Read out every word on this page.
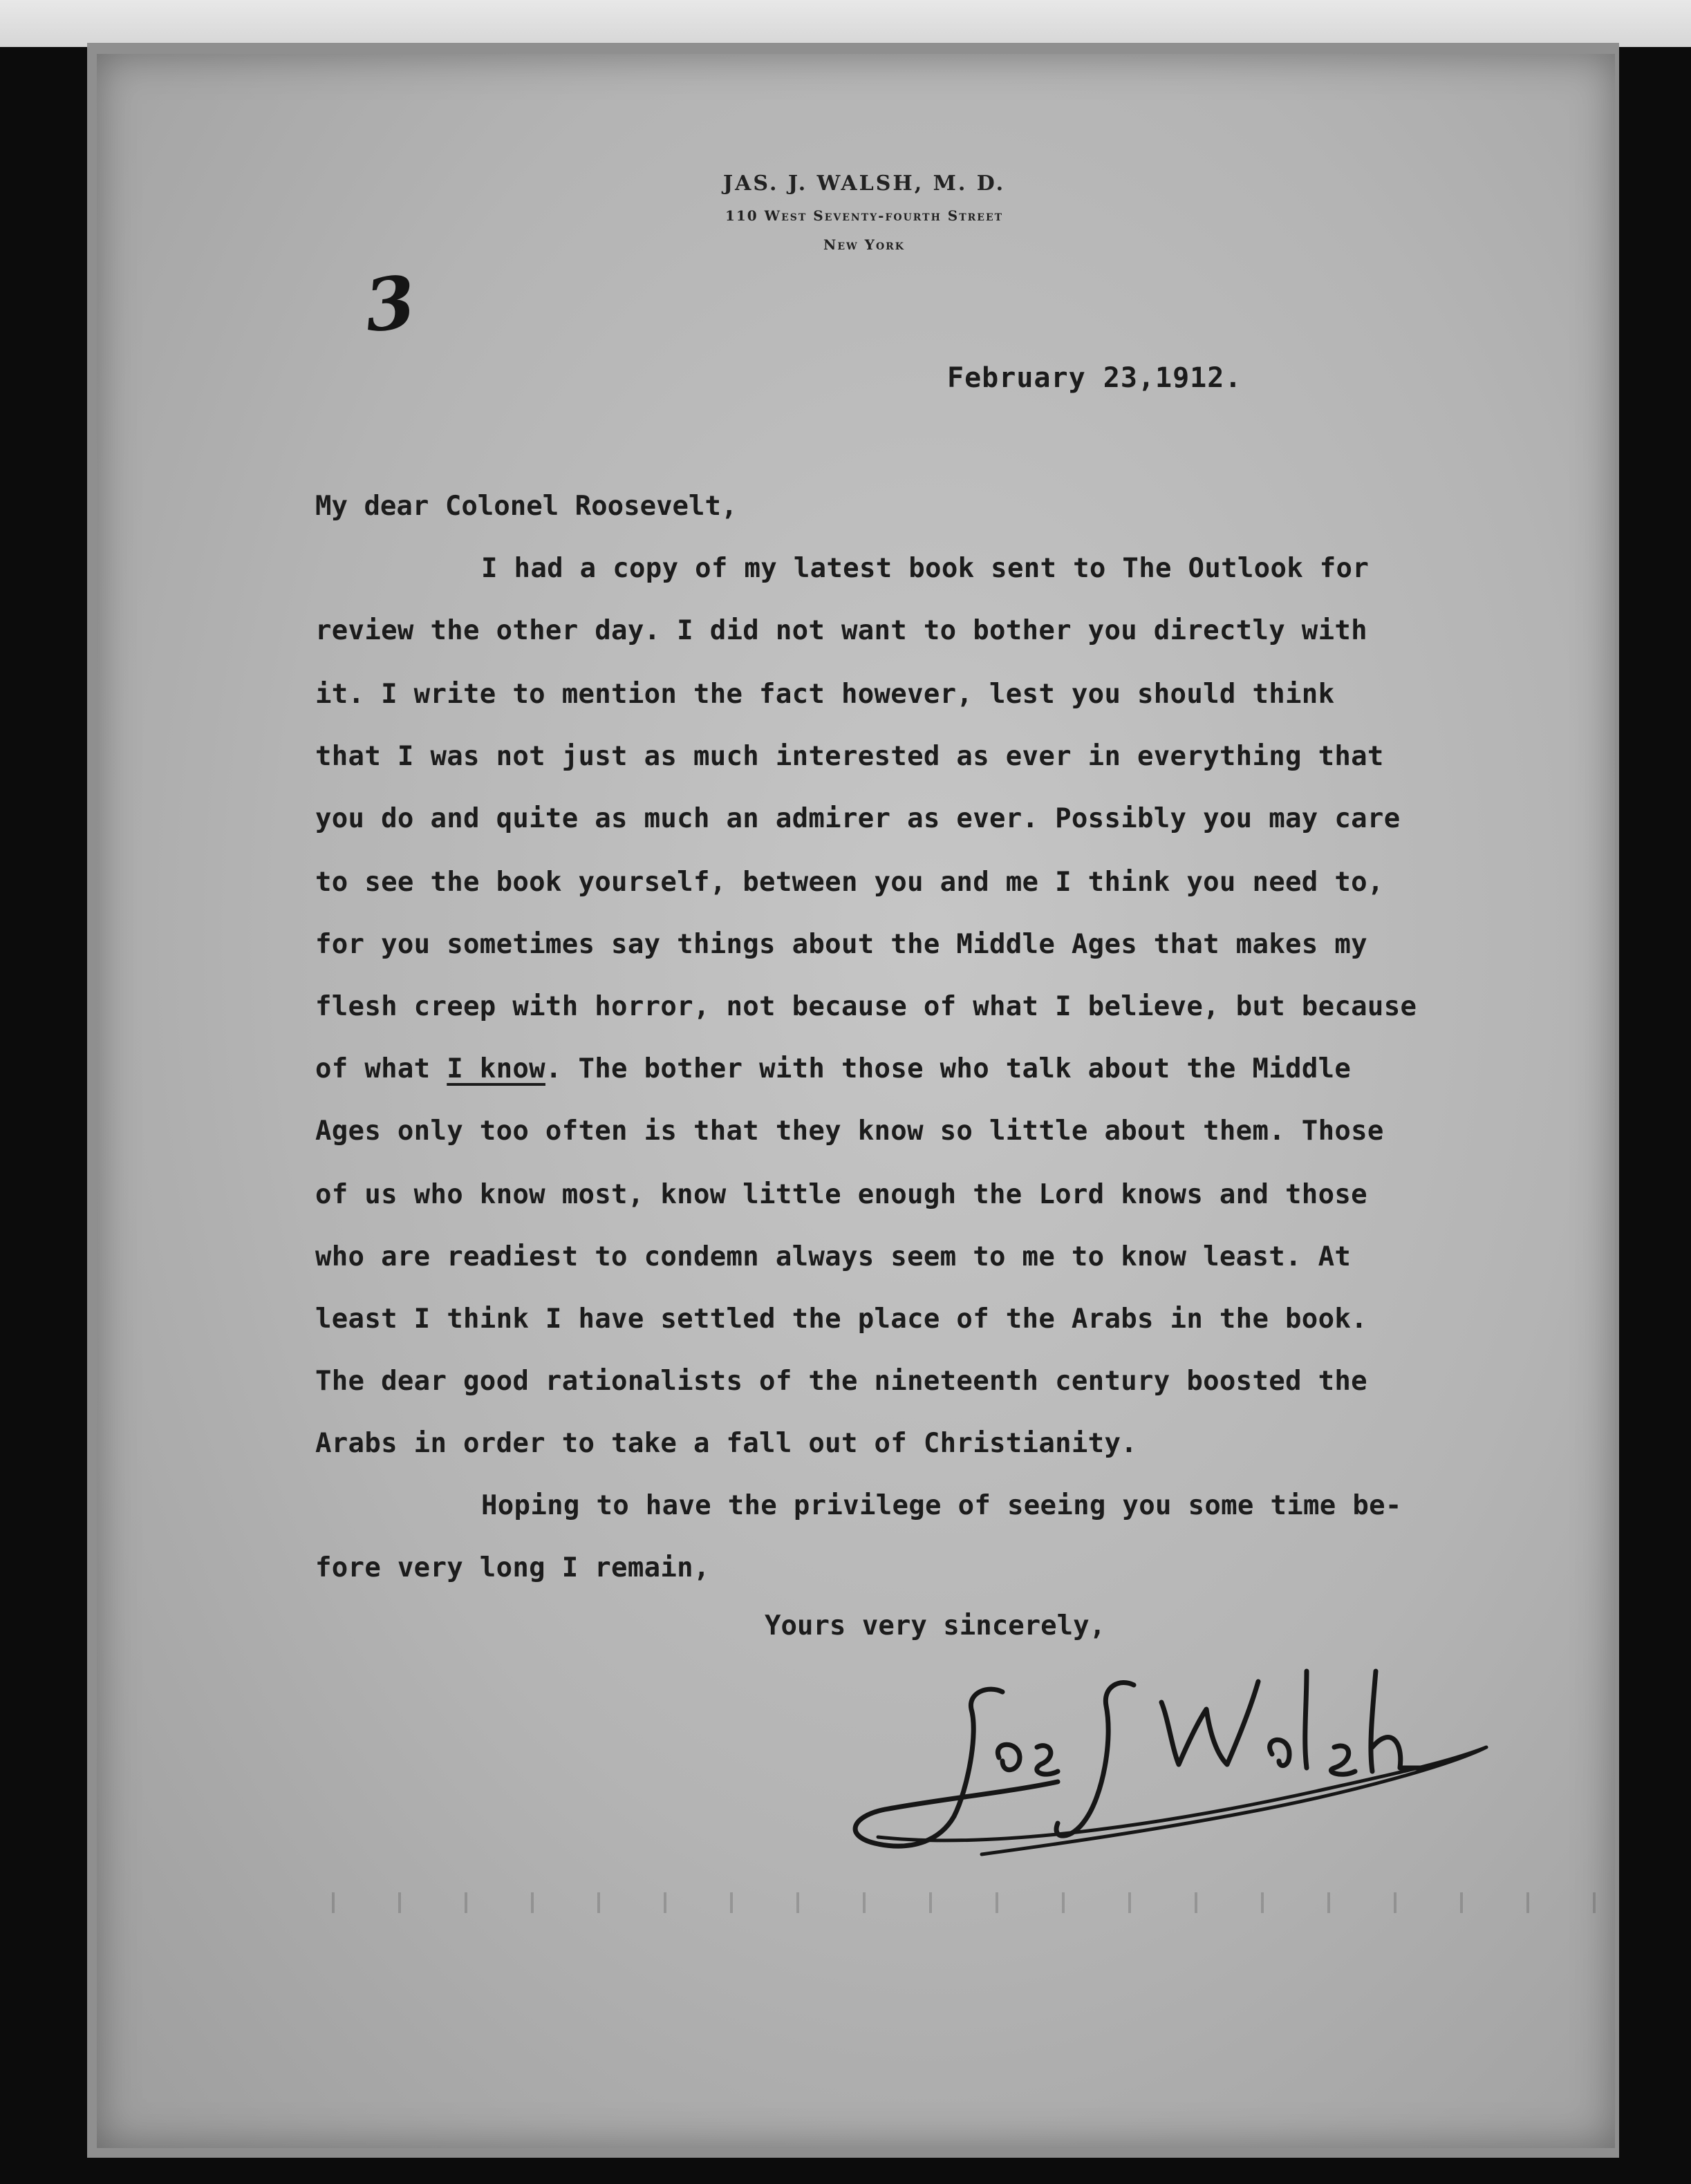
JAS. J. WALSH, M. D.
110 West Seventy-fourth Street
New York
3
February 23,1912.
My dear Colonel Roosevelt,
I had a copy of my latest book sent to The Outlook for
review the other day. I did not want to bother you directly with
it. I write to mention the fact however, lest you should think
that I was not just as much interested as ever in everything that
you do and quite as much an admirer as ever. Possibly you may care
to see the book yourself, between you and me I think you need to,
for you sometimes say things about the Middle Ages that makes my
flesh creep with horror, not because of what I believe, but because
of what I know. The bother with those who talk about the Middle
Ages only too often is that they know so little about them. Those
of us who know most, know little enough the Lord knows and those
who are readiest to condemn always seem to me to know least. At
least I think I have settled the place of the Arabs in the book.
The dear good rationalists of the nineteenth century boosted the
Arabs in order to take a fall out of Christianity.
Hoping to have the privilege of seeing you some time be-
fore very long I remain,
Yours very sincerely,
